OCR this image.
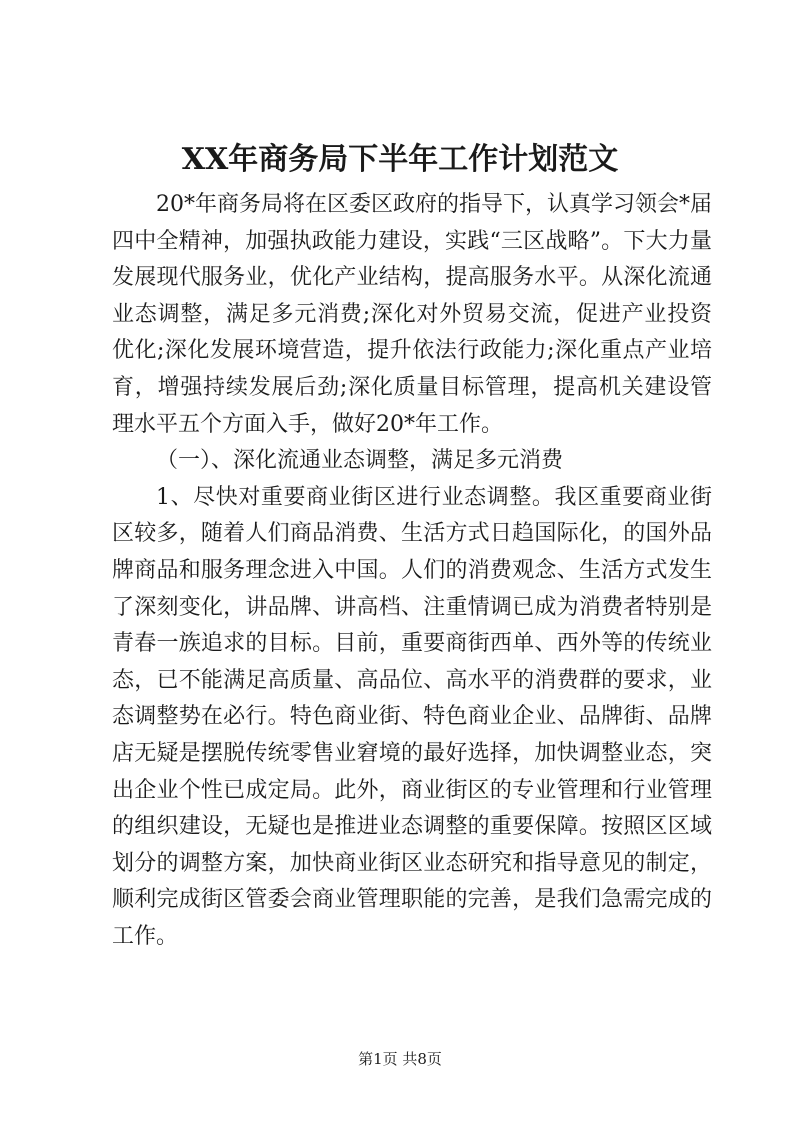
XX年商务局下半年工作计划范文

20*年商务局将在区委区政府的指导下，认真学习领会*届四中全精神，加强执政能力建设，实践“三区战略”。下大力量发展现代服务业，优化产业结构，提高服务水平。从深化流通业态调整，满足多元消费;深化对外贸易交流，促进产业投资优化;深化发展环境营造，提升依法行政能力;深化重点产业培育，增强持续发展后劲;深化质量目标管理，提高机关建设管理水平五个方面入手，做好20*年工作。

（一）、深化流通业态调整，满足多元消费

1、尽快对重要商业街区进行业态调整。我区重要商业街区较多，随着人们商品消费、生活方式日趋国际化，的国外品牌商品和服务理念进入中国。人们的消费观念、生活方式发生了深刻变化，讲品牌、讲高档、注重情调已成为消费者特别是青春一族追求的目标。目前，重要商街西单、西外等的传统业态，已不能满足高质量、高品位、高水平的消费群的要求，业态调整势在必行。特色商业街、特色商业企业、品牌街、品牌店无疑是摆脱传统零售业窘境的最好选择，加快调整业态，突出企业个性已成定局。此外，商业街区的专业管理和行业管理的组织建设，无疑也是推进业态调整的重要保障。按照区区域划分的调整方案，加快商业街区业态研究和指导意见的制定，顺利完成街区管委会商业管理职能的完善，是我们急需完成的工作。

第1页 共8页
